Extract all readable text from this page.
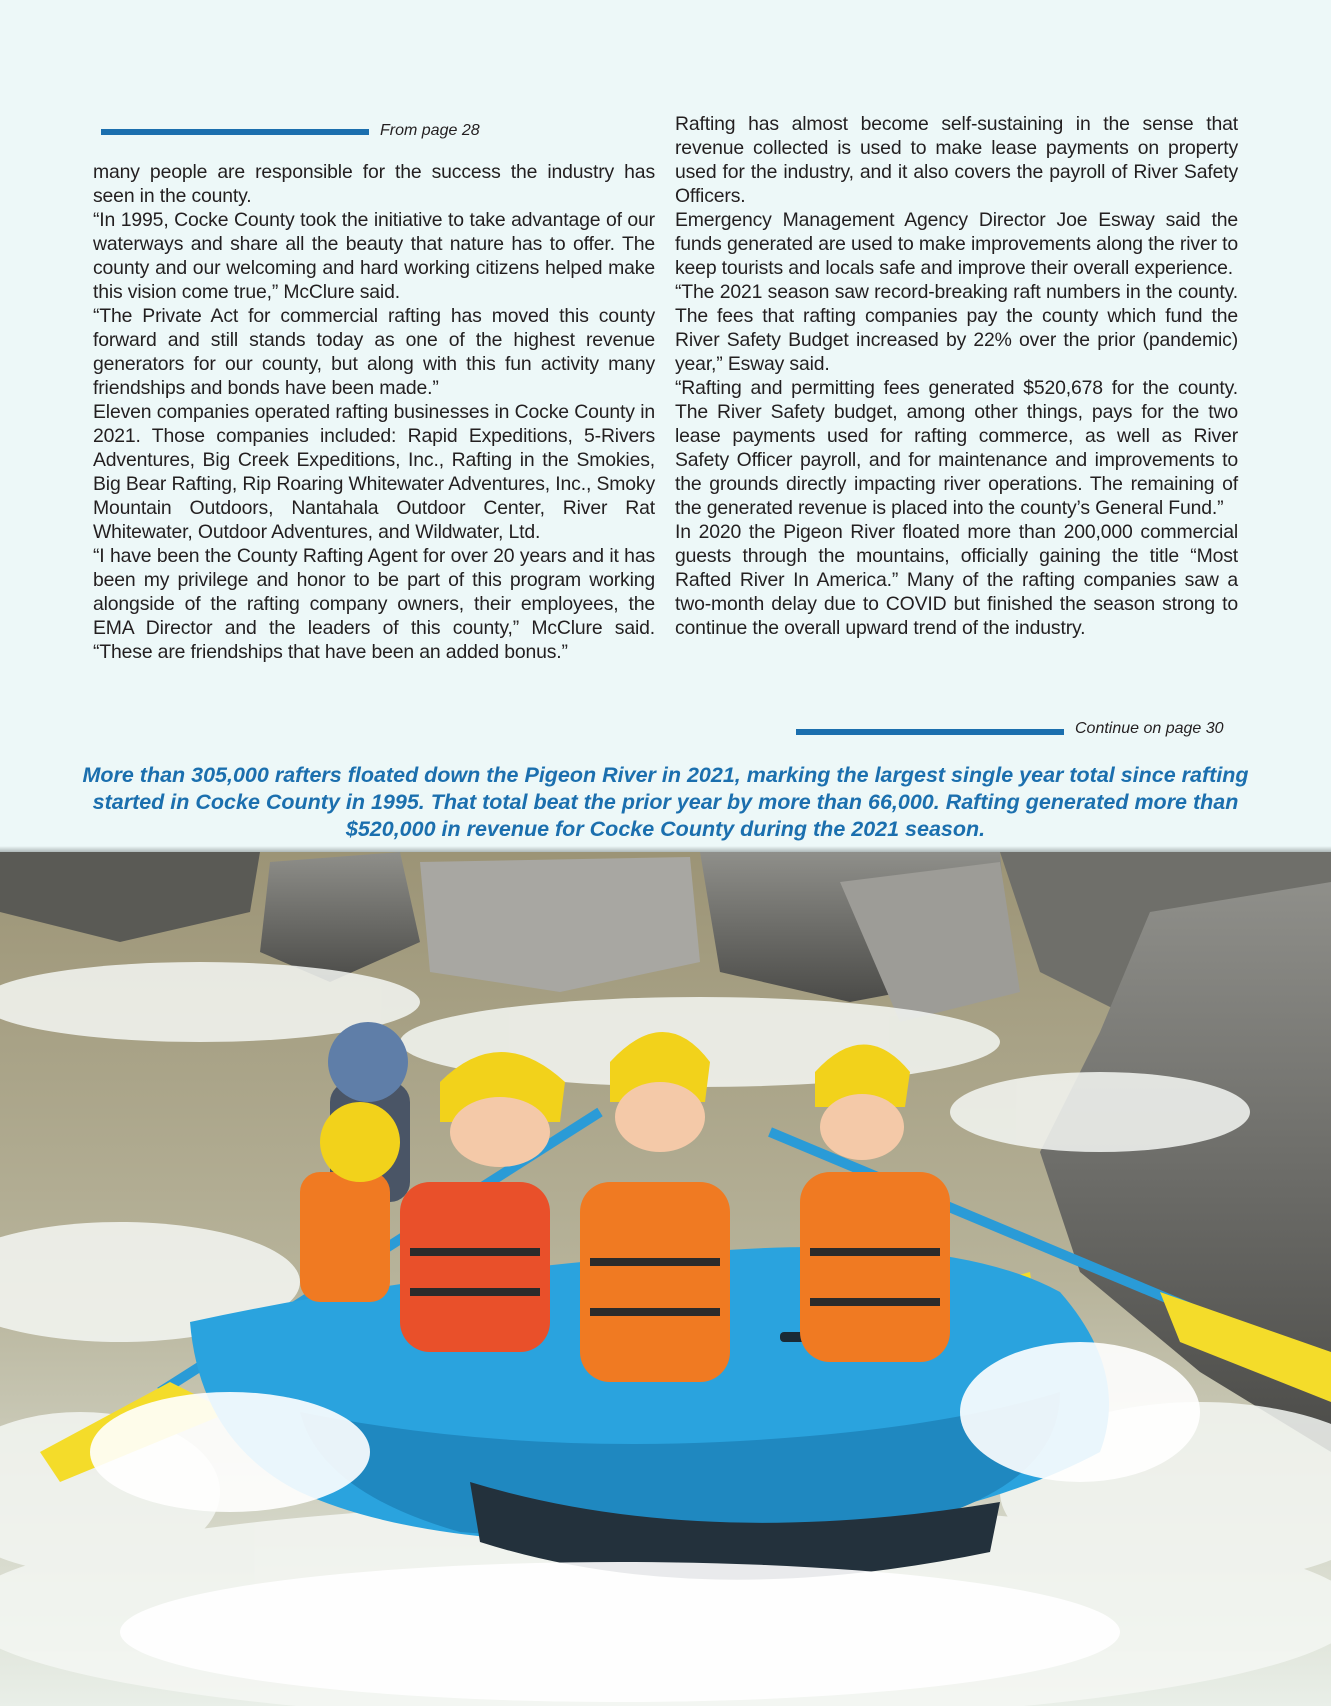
From page 28

many people are responsible for the success the industry has seen in the county.

“In 1995, Cocke County took the initiative to take advantage of our waterways and share all the beauty that nature has to offer. The county and our welcoming and hard working citizens helped make this vision come true,” McClure said.

“The Private Act for commercial rafting has moved this county forward and still stands today as one of the highest revenue generators for our county, but along with this fun activity many friendships and bonds have been made.”

Eleven companies operated rafting businesses in Cocke County in 2021. Those companies included: Rapid Expeditions, 5-Rivers Adventures, Big Creek Expeditions, Inc., Rafting in the Smokies, Big Bear Rafting, Rip Roaring Whitewater Adventures, Inc., Smoky Mountain Outdoors, Nantahala Outdoor Center, River Rat Whitewater, Outdoor Adventures, and Wildwater, Ltd.

“I have been the County Rafting Agent for over 20 years and it has been my privilege and honor to be part of this program working alongside of the rafting company owners, their employees, the EMA Director and the leaders of this county,” McClure said. “These are friendships that have been an added bonus.”

Rafting has almost become self-sustaining in the sense that revenue collected is used to make lease payments on property used for the industry, and it also covers the payroll of River Safety Officers.

Emergency Management Agency Director Joe Esway said the funds generated are used to make improvements along the river to keep tourists and locals safe and improve their overall experience.

“The 2021 season saw record-breaking raft numbers in the county. The fees that rafting companies pay the county which fund the River Safety Budget increased by 22% over the prior (pandemic) year,” Esway said.

“Rafting and permitting fees generated $520,678 for the county. The River Safety budget, among other things, pays for the two lease payments used for rafting commerce, as well as River Safety Officer payroll, and for maintenance and improvements to the grounds directly impacting river operations. The remaining of the generated revenue is placed into the county’s General Fund.”

In 2020 the Pigeon River floated more than 200,000 commercial guests through the mountains, officially gaining the title “Most Rafted River In America.” Many of the rafting companies saw a two-month delay due to COVID but finished the season strong to continue the overall upward trend of the industry.

Continue on page 30
More than 305,000 rafters floated down the Pigeon River in 2021, marking the largest single year total since rafting started in Cocke County in 1995. That total beat the prior year by more than 66,000. Rafting generated more than $520,000 in revenue for Cocke County during the 2021 season.
